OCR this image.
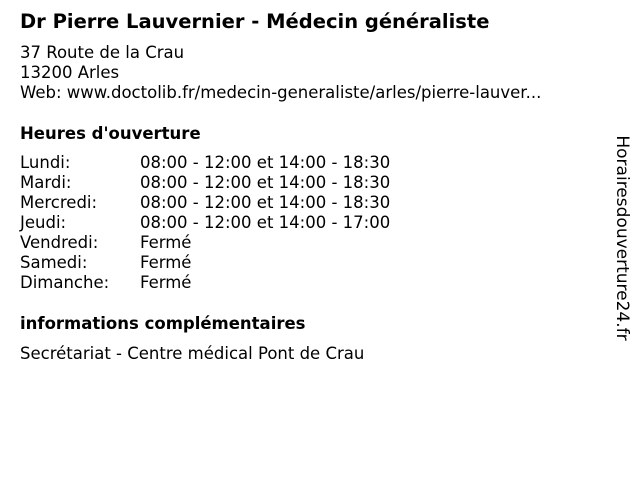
Dr Pierre Lauvernier - Médecin généraliste
37 Route de la Crau
13200 Arles
Web: www.doctolib.fr/medecin-generaliste/arles/pierre-lauver...
Heures d'ouverture
Lundi:	08:00 - 12:00 et 14:00 - 18:30
Mardi:	08:00 - 12:00 et 14:00 - 18:30
Mercredi:	08:00 - 12:00 et 14:00 - 18:30
Jeudi:	08:00 - 12:00 et 14:00 - 17:00
Vendredi:	Fermé
Samedi:	Fermé
Dimanche:	Fermé
informations complémentaires
Secrétariat - Centre médical Pont de Crau
Horairesdouverture24.fr
